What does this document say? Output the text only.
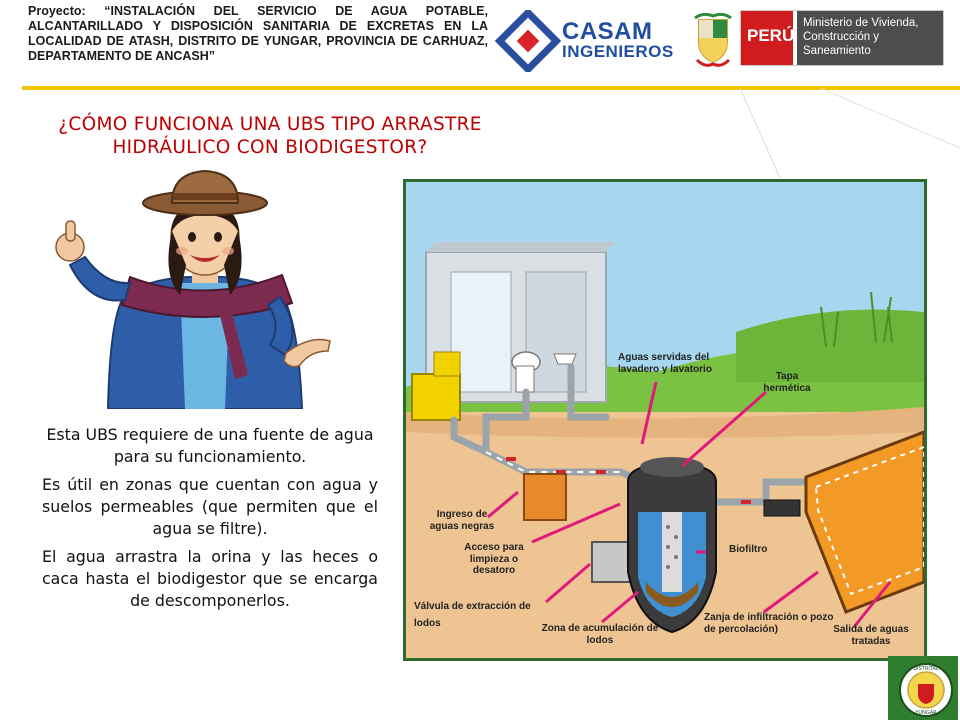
Proyecto: “INSTALACIÓN DEL SERVICIO DE AGUA POTABLE, ALCANTARILLADO Y DISPOSICIÓN SANITARIA DE EXCRETAS EN LA LOCALIDAD DE ATASH, DISTRITO DE YUNGAR, PROVINCIA DE CARHUAZ, DEPARTAMENTO DE ANCASH”
CASAM
INGENIEROS
PERÚ
Ministerio de Vivienda, Construcción y Saneamiento
¿CÓMO FUNCIONA UNA UBS TIPO ARRASTRE HIDRÁULICO CON BIODIGESTOR?

Esta UBS requiere de una fuente de agua para su funcionamiento.

Es útil en zonas que cuentan con agua y suelos permeables (que permiten que el agua se filtre).

El agua arrastra la orina y las heces o caca hasta el biodigestor que se encarga de descomponerlos.

Aguas servidas del lavadero y lavatorio
Tapa hermética
Ingreso de aguas negras
Acceso para limpieza o desatoro
Biofiltro
Válvula de extracción de lodos	Zona de acumulación de lodos
Zanja de infiltración o pozo de percolación)	Salida de aguas tratadas
DISTRITAL
YUNGAR
